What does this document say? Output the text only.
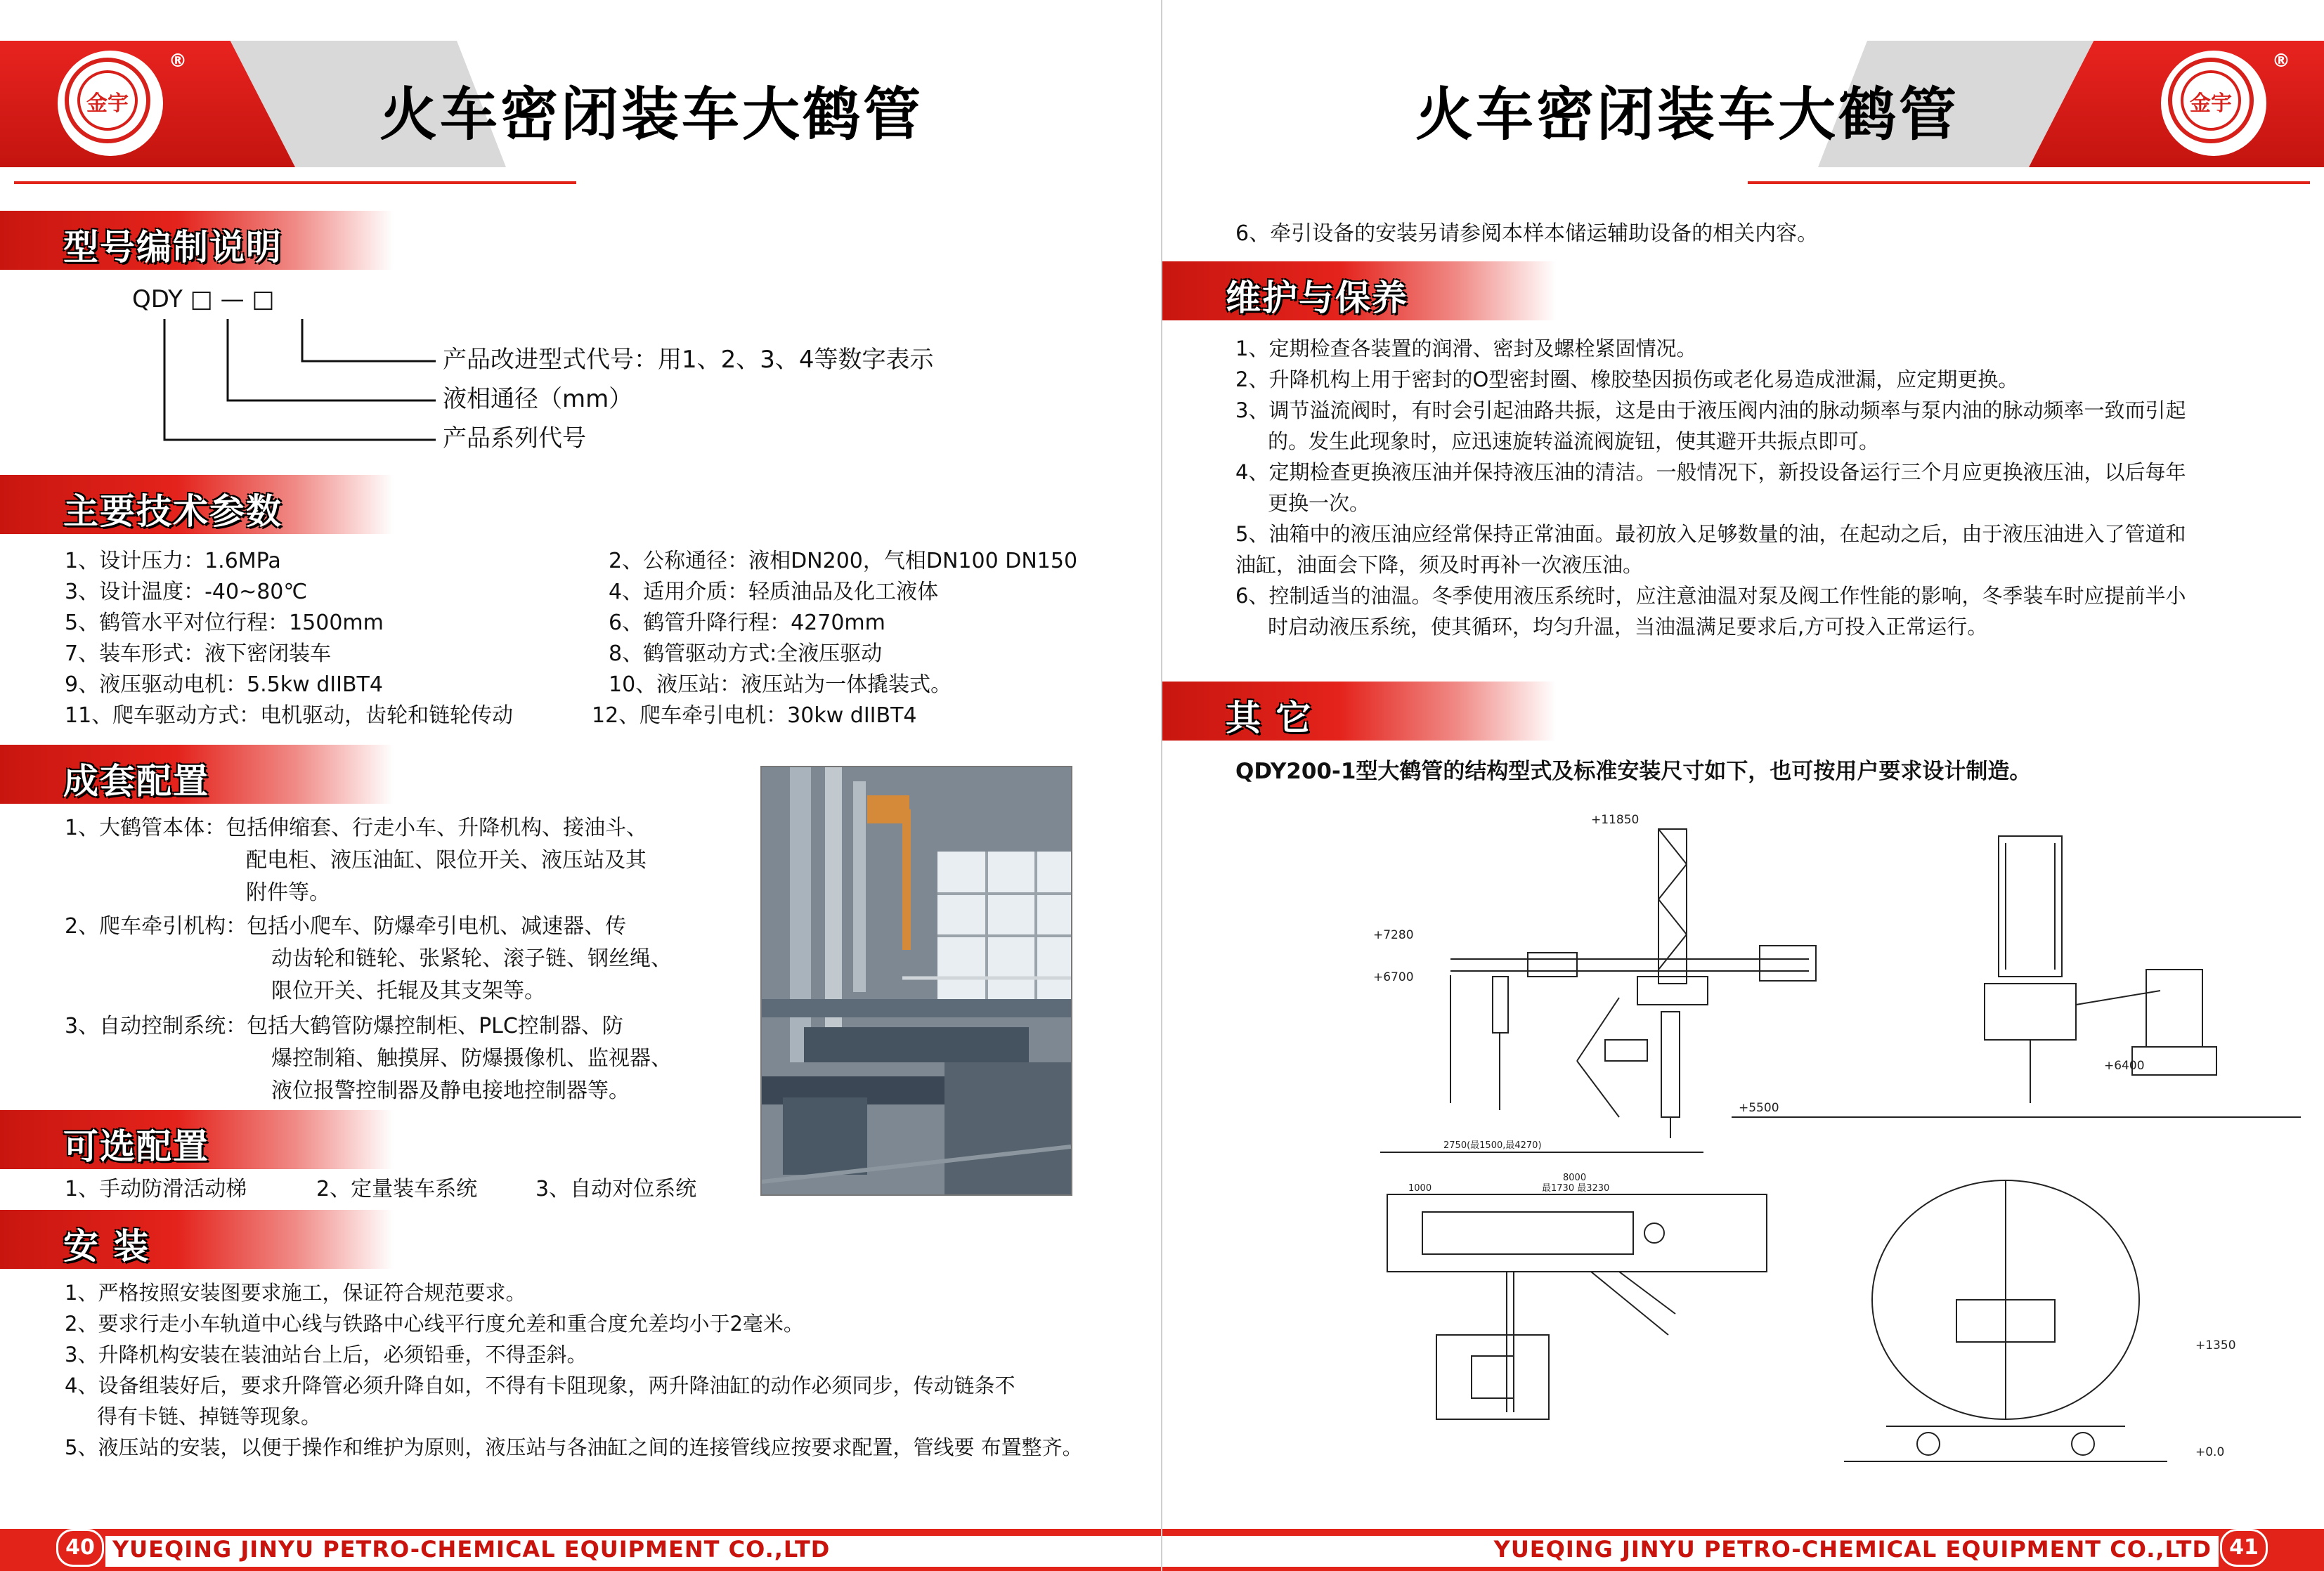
金宇
®
火车密闭装车大鹤管
型号编制说明
QDY □ — □
产品改进型式代号：用1、2、3、4等数字表示
液相通径（mm）
产品系列代号
主要技术参数
1、设计压力：1.6MPa	2、公称通径：液相DN200，气相DN100 DN150
3、设计温度：-40~80℃	4、适用介质：轻质油品及化工液体
5、鹤管水平对位行程：1500mm	6、鹤管升降行程：4270mm
7、装车形式：液下密闭装车	8、鹤管驱动方式:全液压驱动
9、液压驱动电机：5.5kw dIIBT4	10、液压站：液压站为一体撬装式。
11、爬车驱动方式：电机驱动，齿轮和链轮传动	12、爬车牵引电机：30kw dIIBT4
成套配置
1、大鹤管本体：包括伸缩套、行走小车、升降机构、接油斗、
配电柜、液压油缸、限位开关、液压站及其
附件等。
2、爬车牵引机构：包括小爬车、防爆牵引电机、减速器、传
动齿轮和链轮、张紧轮、滚子链、钢丝绳、
限位开关、托辊及其支架等。
3、自动控制系统：包括大鹤管防爆控制柜、PLC控制器、防
爆控制箱、触摸屏、防爆摄像机、监视器、
液位报警控制器及静电接地控制器等。
可选配置
1、手动防滑活动梯	2、定量装车系统	3、自动对位系统
安 装
1、严格按照安装图要求施工，保证符合规范要求。
2、要求行走小车轨道中心线与铁路中心线平行度允差和重合度允差均小于2毫米。
3、升降机构安装在装油站台上后，必须铅垂，不得歪斜。
4、设备组装好后，要求升降管必须升降自如，不得有卡阻现象，两升降油缸的动作必须同步，传动链条不
得有卡链、掉链等现象。
5、液压站的安装，以便于操作和维护为原则，液压站与各油缸之间的连接管线应按要求配置，管线要 布置整齐。
YUEQING JINYU PETRO-CHEMICAL EQUIPMENT CO.,LTD
40
金宇
®
火车密闭装车大鹤管
6、牵引设备的安装另请参阅本样本储运辅助设备的相关内容。
维护与保养
1、定期检查各装置的润滑、密封及螺栓紧固情况。
2、升降机构上用于密封的O型密封圈、橡胶垫因损伤或老化易造成泄漏，应定期更换。
3、调节溢流阀时，有时会引起油路共振，这是由于液压阀内油的脉动频率与泵内油的脉动频率一致而引起
的。发生此现象时，应迅速旋转溢流阀旋钮，使其避开共振点即可。
4、定期检查更换液压油并保持液压油的清洁。一般情况下，新投设备运行三个月应更换液压油，以后每年
更换一次。
5、油箱中的液压油应经常保持正常油面。最初放入足够数量的油，在起动之后，由于液压油进入了管道和
油缸，油面会下降，须及时再补一次液压油。
6、控制适当的油温。冬季使用液压系统时，应注意油温对泵及阀工作性能的影响，冬季装车时应提前半小
时启动液压系统，使其循环，均匀升温，当油温满足要求后,方可投入正常运行。
其 它
QDY200-1型大鹤管的结构型式及标准安装尺寸如下，也可按用户要求设计制造。
+11850
+7280
+6700
+6400
+5500
+1350
+0.0
2750(最1500,最4270)
8000
1000	最1730 最3230
YUEQING JINYU PETRO-CHEMICAL EQUIPMENT CO.,LTD 41
